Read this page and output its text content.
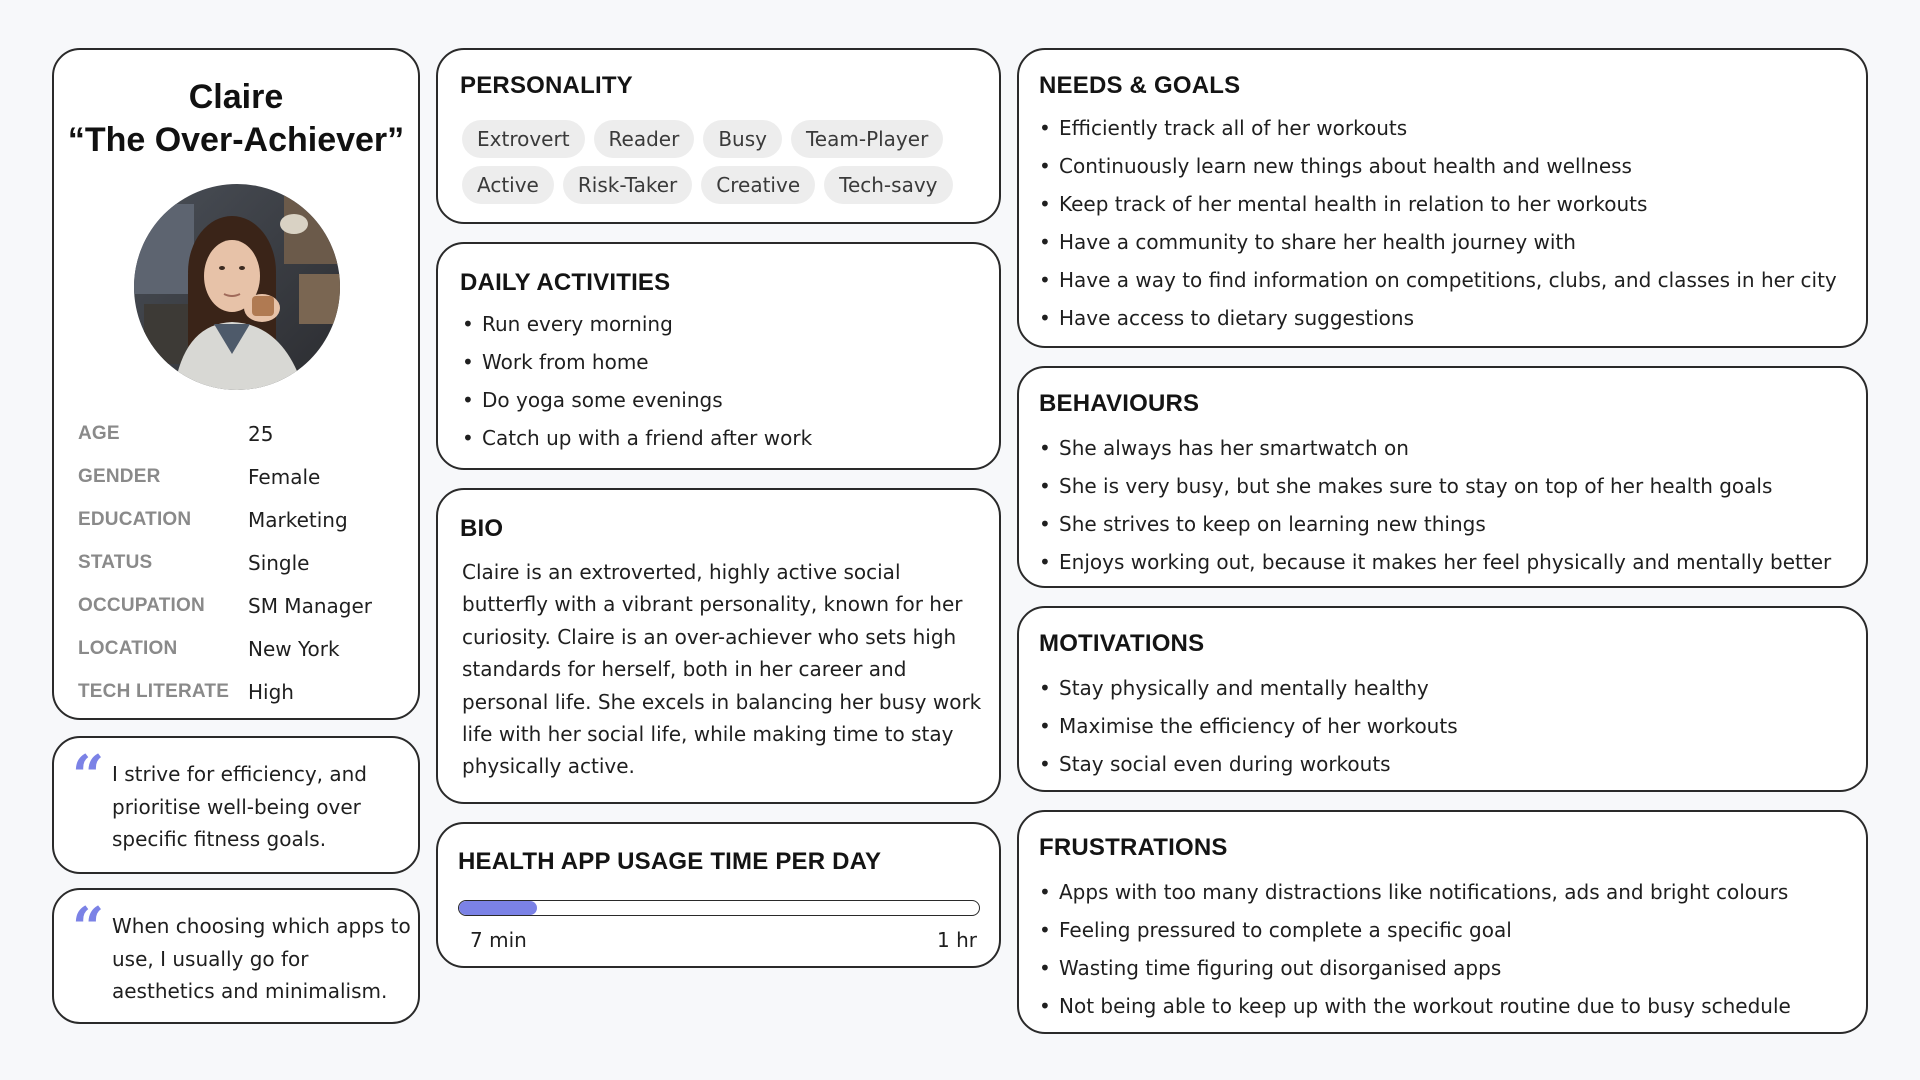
Claire
“The Over-Achiever”
AGE	25
GENDER	Female
EDUCATION	Marketing
STATUS	Single
OCCUPATION	SM Manager
LOCATION	New York
TECH LITERATE High
“ I strive for efficiency, and prioritise well-being over specific fitness goals.
“ When choosing which apps to use, I usually go for aesthetics and minimalism.
PERSONALITY
Extrovert	Reader	Busy	Team-Player
Active	Risk-Taker	Creative	Tech-savy
DAILY ACTIVITIES
• Run every morning
• Work from home
• Do yoga some evenings
• Catch up with a friend after work
BIO
Claire is an extroverted, highly active social butterfly with a vibrant personality, known for her curiosity. Claire is an over-achiever who sets high standards for herself, both in her career and personal life. She excels in balancing her busy work life with her social life, while making time to stay physically active.
HEALTH APP USAGE TIME PER DAY
7 min	1 hr
NEEDS & GOALS
• Efficiently track all of her workouts
• Continuously learn new things about health and wellness
• Keep track of her mental health in relation to her workouts
• Have a community to share her health journey with
• Have a way to find information on competitions, clubs, and classes in her city
• Have access to dietary suggestions
BEHAVIOURS
• She always has her smartwatch on
• She is very busy, but she makes sure to stay on top of her health goals
• She strives to keep on learning new things
• Enjoys working out, because it makes her feel physically and mentally better
MOTIVATIONS
• Stay physically and mentally healthy
• Maximise the efficiency of her workouts
• Stay social even during workouts
FRUSTRATIONS
• Apps with too many distractions like notifications, ads and bright colours
• Feeling pressured to complete a specific goal
• Wasting time figuring out disorganised apps
• Not being able to keep up with the workout routine due to busy schedule
